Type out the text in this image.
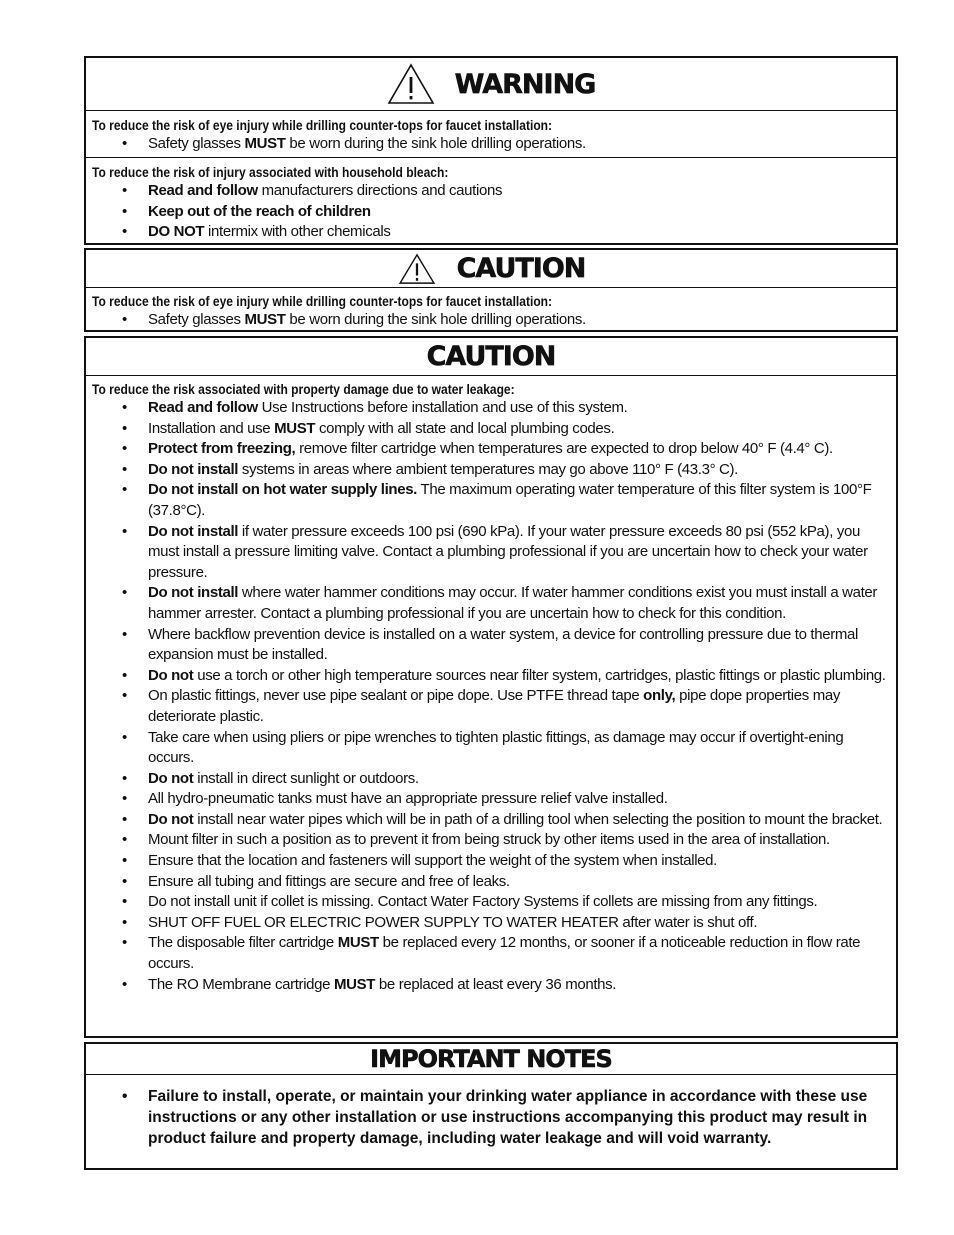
WARNING
To reduce the risk of eye injury while drilling counter-tops for faucet installation:
• Safety glasses MUST be worn during the sink hole drilling operations.
To reduce the risk of injury associated with household bleach:
• Read and follow manufacturers directions and cautions
• Keep out of the reach of children
• DO NOT intermix with other chemicals
CAUTION
To reduce the risk of eye injury while drilling counter-tops for faucet installation:
• Safety glasses MUST be worn during the sink hole drilling operations.
CAUTION
To reduce the risk associated with property damage due to water leakage:
• Read and follow Use Instructions before installation and use of this system.
• Installation and use MUST comply with all state and local plumbing codes.
• Protect from freezing, remove filter cartridge when temperatures are expected to drop below 40° F (4.4° C).
• Do not install systems in areas where ambient temperatures may go above 110° F (43.3° C).
• Do not install on hot water supply lines. The maximum operating water temperature of this filter system is 100°F (37.8°C).
• Do not install if water pressure exceeds 100 psi (690 kPa). If your water pressure exceeds 80 psi (552 kPa), you must install a pressure limiting valve. Contact a plumbing professional if you are uncertain how to check your water pressure.
• Do not install where water hammer conditions may occur. If water hammer conditions exist you must install a water hammer arrester. Contact a plumbing professional if you are uncertain how to check for this condition.
• Where backflow prevention device is installed on a water system, a device for controlling pressure due to thermal expansion must be installed.
• Do not use a torch or other high temperature sources near filter system, cartridges, plastic fittings or plastic plumbing.
• On plastic fittings, never use pipe sealant or pipe dope. Use PTFE thread tape only, pipe dope properties may deteriorate plastic.
• Take care when using pliers or pipe wrenches to tighten plastic fittings, as damage may occur if overtight-ening occurs.
• Do not install in direct sunlight or outdoors.
• All hydro-pneumatic tanks must have an appropriate pressure relief valve installed.
• Do not install near water pipes which will be in path of a drilling tool when selecting the position to mount the bracket.
• Mount filter in such a position as to prevent it from being struck by other items used in the area of installation.
• Ensure that the location and fasteners will support the weight of the system when installed.
• Ensure all tubing and fittings are secure and free of leaks.
• Do not install unit if collet is missing. Contact Water Factory Systems if collets are missing from any fittings.
• SHUT OFF FUEL OR ELECTRIC POWER SUPPLY TO WATER HEATER after water is shut off.
• The disposable filter cartridge MUST be replaced every 12 months, or sooner if a noticeable reduction in flow rate occurs.
• The RO Membrane cartridge MUST be replaced at least every 36 months.
IMPORTANT NOTES
• Failure to install, operate, or maintain your drinking water appliance in accordance with these use instructions or any other installation or use instructions accompanying this product may result in product failure and property damage, including water leakage and will void warranty.
